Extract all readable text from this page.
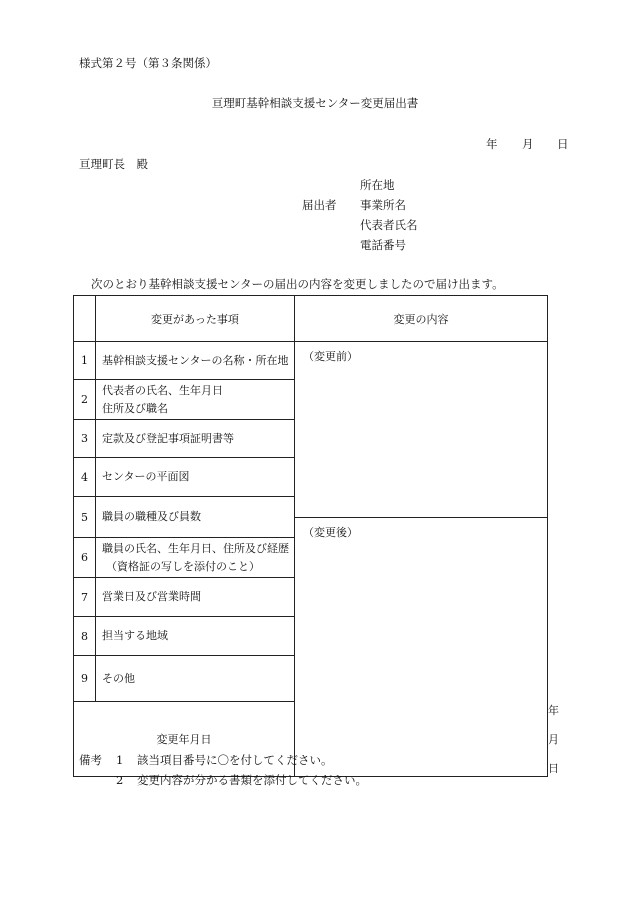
様式第２号（第３条関係）
亘理町基幹相談支援センター変更届出書
年 月 日
亘理町長　殿
届出者
所在地
事業所名
代表者氏名
電話番号
次のとおり基幹相談支援センターの届出の内容を変更しましたので届け出ます。
	変更があった事項	変更の内容	
1	基幹相談支援センターの名称・所在地	（変更前）	
2	代表者の氏名、生年月日
住所及び職名		

3	定款及び登記事項証明書等		
4	センターの平面図		
5	職員の職種及び員数		
		（変更後）	
6	職員の氏名、生年月日、住所及び経歴
（資格証の写しを添付のこと）		

7	営業日及び営業時間		
8	担当する地域		
9	その他		
変更年月日			年月日
備考 1 該当項目番号に〇を付してください。
2 変更内容が分かる書類を添付してください。
